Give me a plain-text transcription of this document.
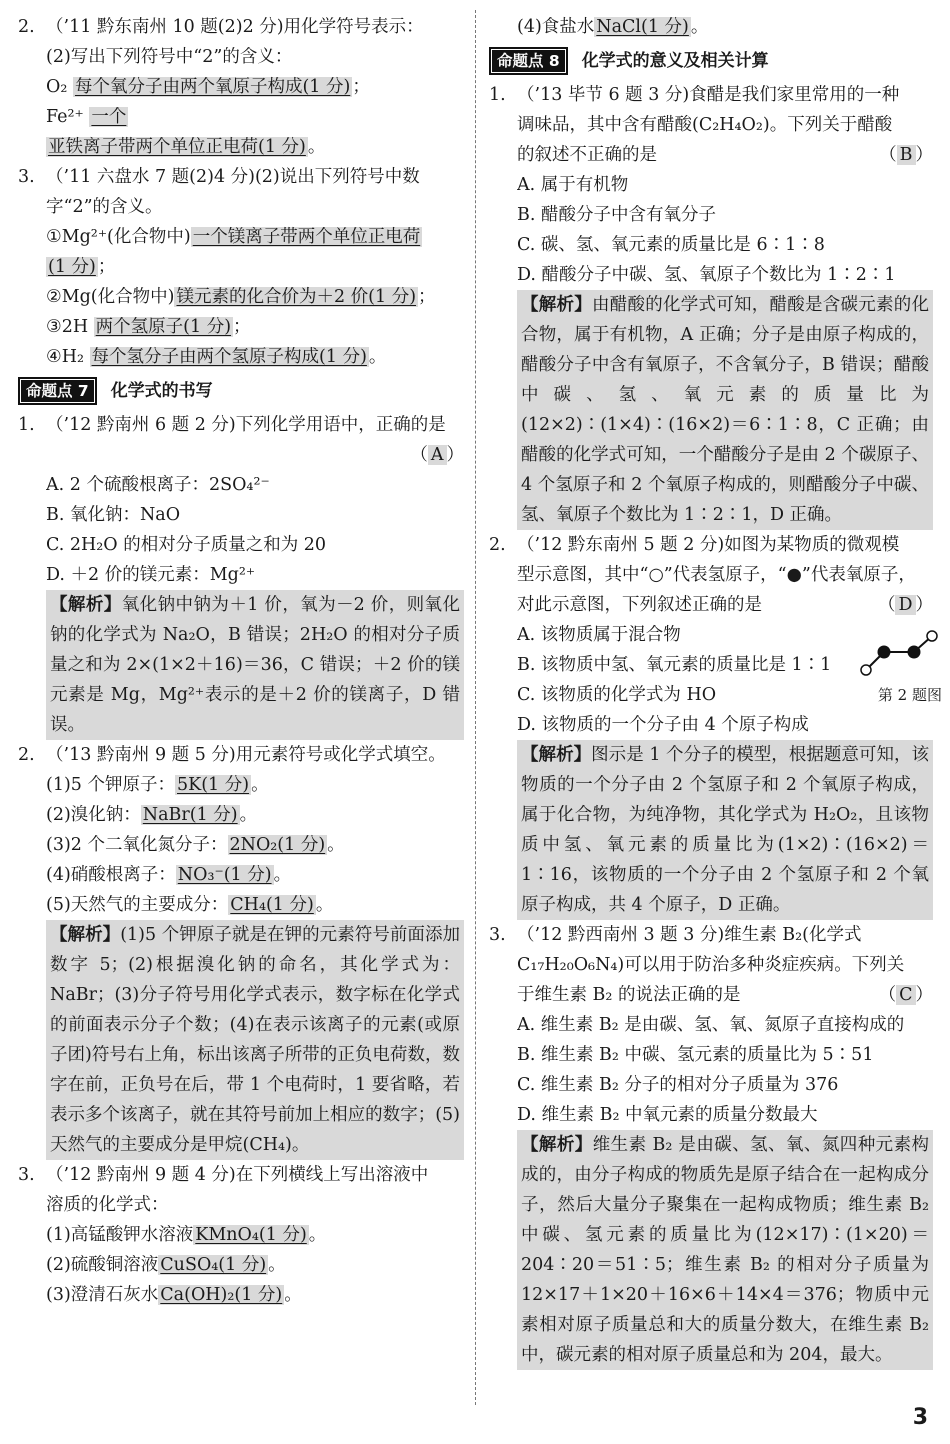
2. （’11 黔东南州 10 题(2)2 分)用化学符号表示：
(2)写出下列符号中“2”的含义：
O₂ 每个氧分子由两个氧原子构成(1 分) ；
Fe²⁺ 一个
亚铁离子带两个单位正电荷(1 分) 。
3. （’11 六盘水 7 题(2)4 分)(2)说出下列符号中数
字“2”的含义。
①Mg²⁺(化合物中) 一个镁离子带两个单位正电荷
(1 分) ；
②Mg(化合物中) 镁元素的化合价为＋2 价(1 分) ；
③2H 两个氢原子(1 分) ；
④H₂ 每个氢分子由两个氢原子构成(1 分) 。
命题点 7	化学式的书写
1. （’12 黔南州 6 题 2 分)下列化学用语中，正确的是
（ A ）
A. 2 个硫酸根离子：2SO₄²⁻
B. 氧化钠：NaO
C. 2H₂O 的相对分子质量之和为 20
D. ＋2 价的镁元素：Mg²⁺
【解析】氧化钠中钠为＋1 价，氧为－2 价，则氧化钠的化学式为 Na₂O，B 错误；2H₂O 的相对分子质量之和为 2×(1×2＋16)＝36，C 错误；＋2 价的镁元素是 Mg，Mg²⁺表示的是＋2 价的镁离子，D 错误。
2. （’13 黔南州 9 题 5 分)用元素符号或化学式填空。
(1)5 个钾原子： 5K(1 分) 。
(2)溴化钠： NaBr(1 分) 。
(3)2 个二氧化氮分子： 2NO₂(1 分) 。
(4)硝酸根离子： NO₃⁻(1 分) 。
(5)天然气的主要成分： CH₄(1 分) 。
【解析】(1)5 个钾原子就是在钾的元素符号前面添加数字 5；(2)根据溴化钠的命名，其化学式为：NaBr；(3)分子符号用化学式表示，数字标在化学式的前面表示分子个数；(4)在表示该离子的元素(或原子团)符号右上角，标出该离子所带的正负电荷数，数字在前，正负号在后，带 1 个电荷时，1 要省略，若表示多个该离子，就在其符号前加上相应的数字；(5)天然气的主要成分是甲烷(CH₄)。
3. （’12 黔南州 9 题 4 分)在下列横线上写出溶液中
溶质的化学式：
(1)高锰酸钾水溶液 KMnO₄(1 分) 。
(2)硫酸铜溶液 CuSO₄(1 分) 。
(3)澄清石灰水 Ca(OH)₂(1 分) 。
(4)食盐水 NaCl(1 分) 。
命题点 8	化学式的意义及相关计算
1. （’13 毕节 6 题 3 分)食醋是我们家里常用的一种
调味品，其中含有醋酸(C₂H₄O₂)。下列关于醋酸
的叙述不正确的是	（ B ）
A. 属于有机物
B. 醋酸分子中含有氧分子
C. 碳、氢、氧元素的质量比是 6∶1∶8
D. 醋酸分子中碳、氢、氧原子个数比为 1∶2∶1
【解析】由醋酸的化学式可知，醋酸是含碳元素的化合物，属于有机物，A 正确；分子是由原子构成的，醋酸分子中含有氧原子，不含氧分子，B 错误；醋酸中碳、氢、氧元素的质量比为(12×2)∶(1×4)∶(16×2)＝6∶1∶8，C 正确；由醋酸的化学式可知，一个醋酸分子是由 2 个碳原子、4 个氢原子和 2 个氧原子构成的，则醋酸分子中碳、氢、氧原子个数比为 1∶2∶1，D 正确。
2. （’12 黔东南州 5 题 2 分)如图为某物质的微观模
型示意图，其中“○”代表氢原子，“●”代表氧原子，
对此示意图，下列叙述正确的是	（ D ）
A. 该物质属于混合物
B. 该物质中氢、氧元素的质量比是 1∶1
C. 该物质的化学式为 HO
D. 该物质的一个分子由 4 个原子构成
【解析】图示是 1 个分子的模型，根据题意可知，该物质的一个分子由 2 个氢原子和 2 个氧原子构成，属于化合物，为纯净物，其化学式为 H₂O₂，且该物质中氢、氧元素的质量比为(1×2)∶(16×2)＝1∶16，该物质的一个分子由 2 个氢原子和 2 个氧原子构成，共 4 个原子，D 正确。
3. （’12 黔西南州 3 题 3 分)维生素 B₂(化学式
C₁₇H₂₀O₆N₄)可以用于防治多种炎症疾病。下列关
于维生素 B₂ 的说法正确的是	（ C ）
A. 维生素 B₂ 是由碳、氢、氧、氮原子直接构成的
B. 维生素 B₂ 中碳、氢元素的质量比为 5∶51
C. 维生素 B₂ 分子的相对分子质量为 376
D. 维生素 B₂ 中氧元素的质量分数最大
【解析】维生素 B₂ 是由碳、氢、氧、氮四种元素构成的，由分子构成的物质先是原子结合在一起构成分子，然后大量分子聚集在一起构成物质；维生素 B₂ 中碳、氢元素的质量比为(12×17)∶(1×20)＝204∶20＝51∶5；维生素 B₂ 的相对分子质量为 12×17＋1×20＋16×6＋14×4＝376；物质中元素相对原子质量总和大的质量分数大，在维生素 B₂ 中，碳元素的相对原子质量总和为 204，最大。
第 2 题图
3
